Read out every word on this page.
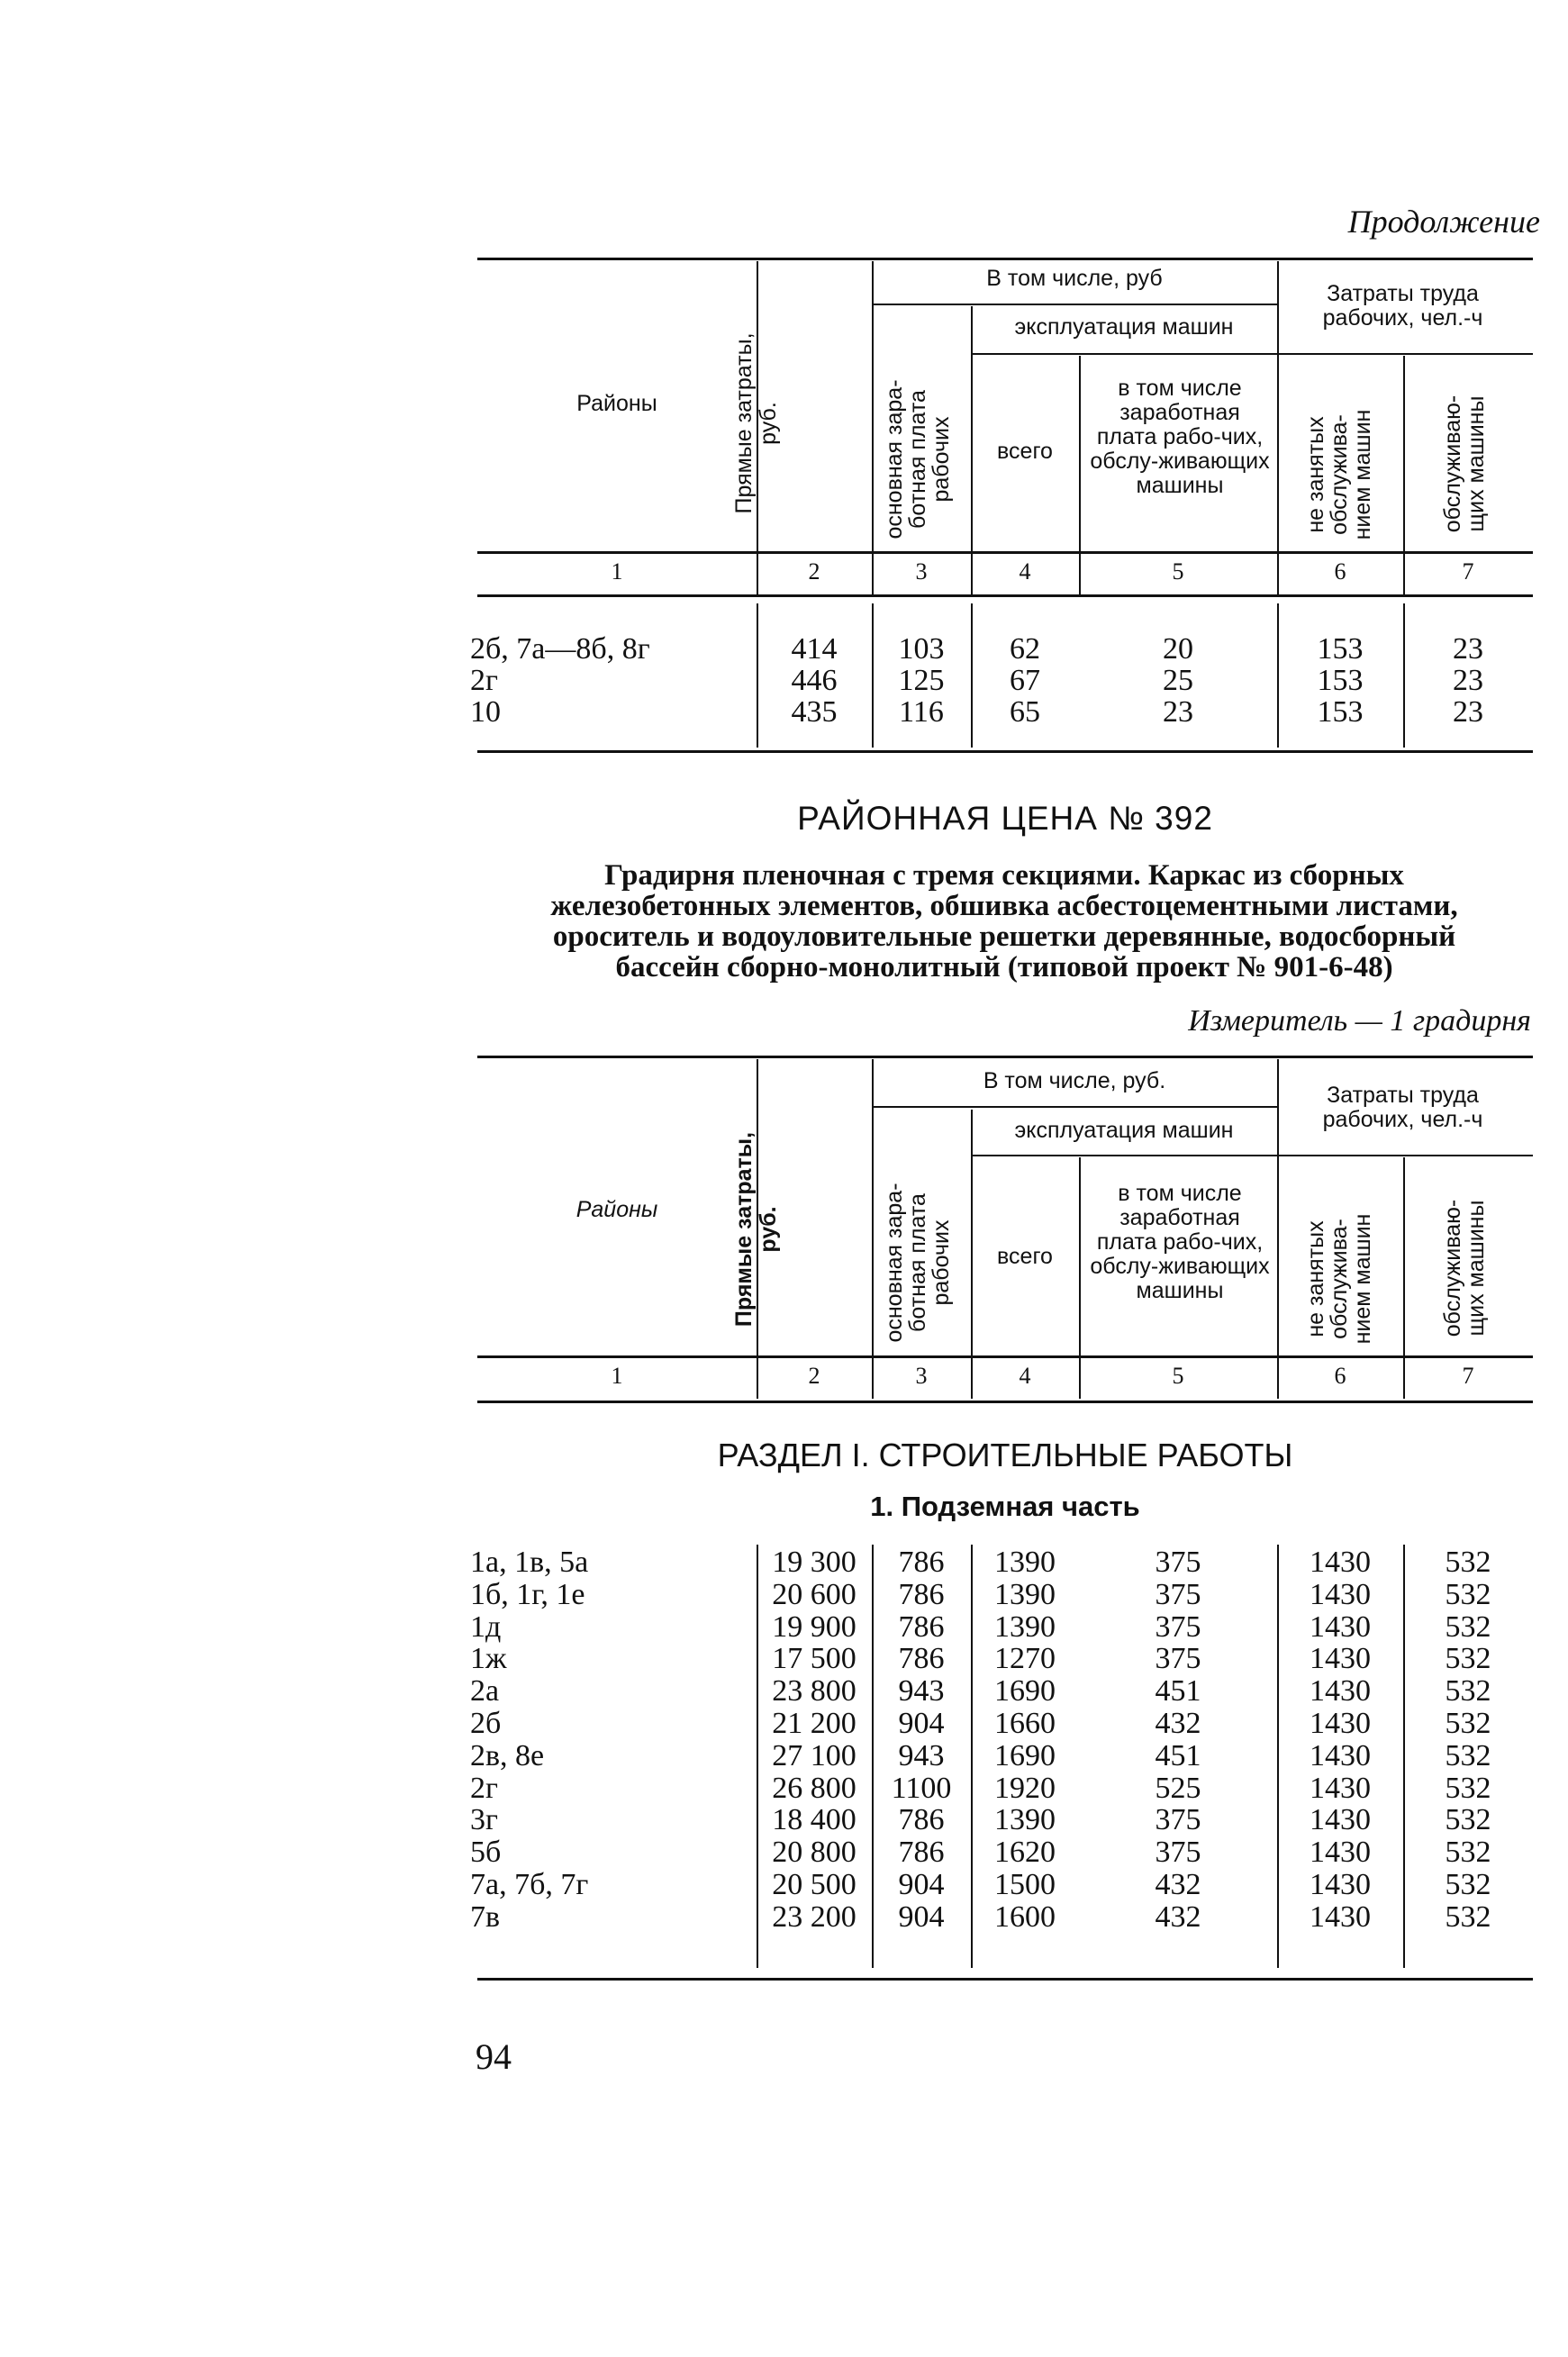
Продолжение
Районы	Прямые затраты, руб.
В том числе, руб
основная зара-ботная плата рабочих
эксплуатация машин
всего
в том числе заработная плата рабо-чих, обслу-живающих машины
Затраты труда рабочих, чел.-ч
не занятых обслужива-нием машин	обслуживаю-щих машины
1	2	3	4	5	6	7
2б, 7а—8б, 8г	414	103	62	20	153	23
2г	446	125	67	25	153	23
10	435	116	65	23	153	23
РАЙОННАЯ ЦЕНА № 392
Градирня пленочная с тремя секциями. Каркас из сборных
железобетонных элементов, обшивка асбестоцементными листами,
ороситель и водоуловительные решетки деревянные, водосборный
бассейн сборно-монолитный (типовой проект № 901-6-48)
Измеритель — 1 градирня
Районы	Прямые затраты, руб.
В том числе, руб.
основная зара-ботная плата рабочих
эксплуатация машин
всего
в том числе заработная плата рабо-чих, обслу-живающих машины
Затраты труда рабочих, чел.-ч
не занятых обслужива-нием машин	обслуживаю-щих машины
1	2	3	4	5	6	7
РАЗДЕЛ I. СТРОИТЕЛЬНЫЕ РАБОТЫ
1. Подземная часть
1а, 1в, 5а	19 300	786	1390	375	1430	532
1б, 1г, 1е	20 600	786	1390	375	1430	532
1д	19 900	786	1390	375	1430	532
1ж	17 500	786	1270	375	1430	532
2а	23 800	943	1690	451	1430	532
2б	21 200	904	1660	432	1430	532
2в, 8е	27 100	943	1690	451	1430	532
2г	26 800	1100	1920	525	1430	532
3г	18 400	786	1390	375	1430	532
5б	20 800	786	1620	375	1430	532
7а, 7б, 7г	20 500	904	1500	432	1430	532
7в	23 200	904	1600	432	1430	532
94
